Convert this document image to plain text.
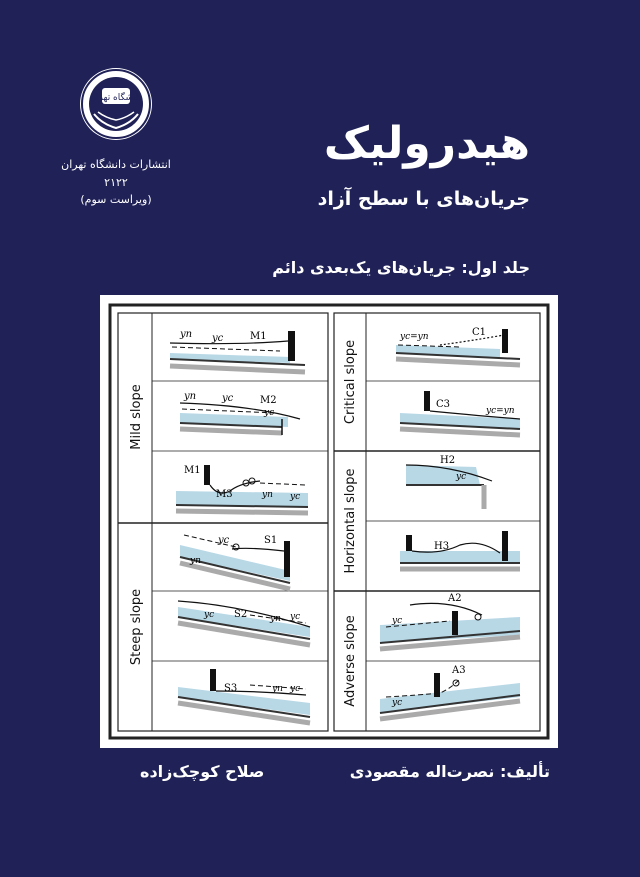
هیدرولیک
جریان‌های با سطح آزاد
جلد اول: جریان‌های یک‌بعدی دائم
دانشگاه تهران
انتشارات دانشگاه تهران
۲۱۲۲
(ویراست سوم)
Mild slope
Steep slope
Critical slope
Horizontal slope
Adverse slope
yn yc	M1
yn	yc	M2
yc
M1
M3	yn yc
yc
yn
S1
yc S2	yn yc
S3	yn yc
yc=yn	C1
C3
yc=yn
H2
yc
H3
A2
yc
A3
yc
تألیف: نصرت‌اله مقصودی
صلاح کوچک‌زاده
